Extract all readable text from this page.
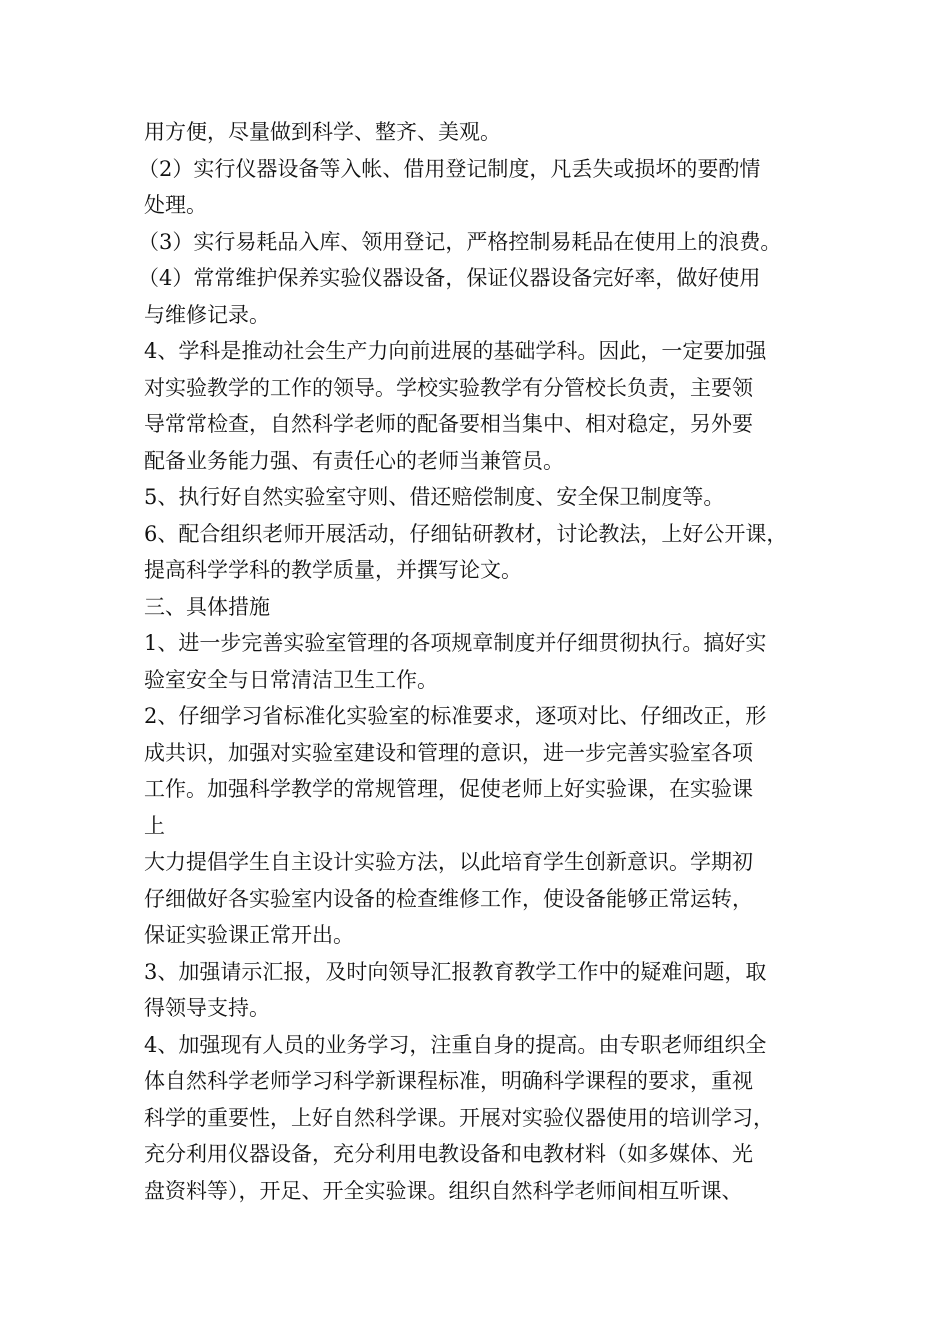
用方便，尽量做到科学、整齐、美观。
（2）实行仪器设备等入帐、借用登记制度，凡丢失或损坏的要酌情
处理。
（3）实行易耗品入库、领用登记，严格控制易耗品在使用上的浪费。
（4）常常维护保养实验仪器设备，保证仪器设备完好率，做好使用
与维修记录。
4、学科是推动社会生产力向前进展的基础学科。因此，一定要加强
对实验教学的工作的领导。学校实验教学有分管校长负责，主要领
导常常检查，自然科学老师的配备要相当集中、相对稳定，另外要
配备业务能力强、有责任心的老师当兼管员。
5、执行好自然实验室守则、借还赔偿制度、安全保卫制度等。
6、配合组织老师开展活动，仔细钻研教材，讨论教法，上好公开课，
提高科学学科的教学质量，并撰写论文。
三、具体措施
1、进一步完善实验室管理的各项规章制度并仔细贯彻执行。搞好实
验室安全与日常清洁卫生工作。
2、仔细学习省标准化实验室的标准要求，逐项对比、仔细改正，形
成共识，加强对实验室建设和管理的意识，进一步完善实验室各项
工作。加强科学教学的常规管理，促使老师上好实验课，在实验课
上
大力提倡学生自主设计实验方法，以此培育学生创新意识。学期初
仔细做好各实验室内设备的检查维修工作，使设备能够正常运转，
保证实验课正常开出。
3、加强请示汇报，及时向领导汇报教育教学工作中的疑难问题，取
得领导支持。
4、加强现有人员的业务学习，注重自身的提高。由专职老师组织全
体自然科学老师学习科学新课程标准，明确科学课程的要求，重视
科学的重要性，上好自然科学课。开展对实验仪器使用的培训学习，
充分利用仪器设备，充分利用电教设备和电教材料（如多媒体、光
盘资料等），开足、开全实验课。组织自然科学老师间相互听课、
